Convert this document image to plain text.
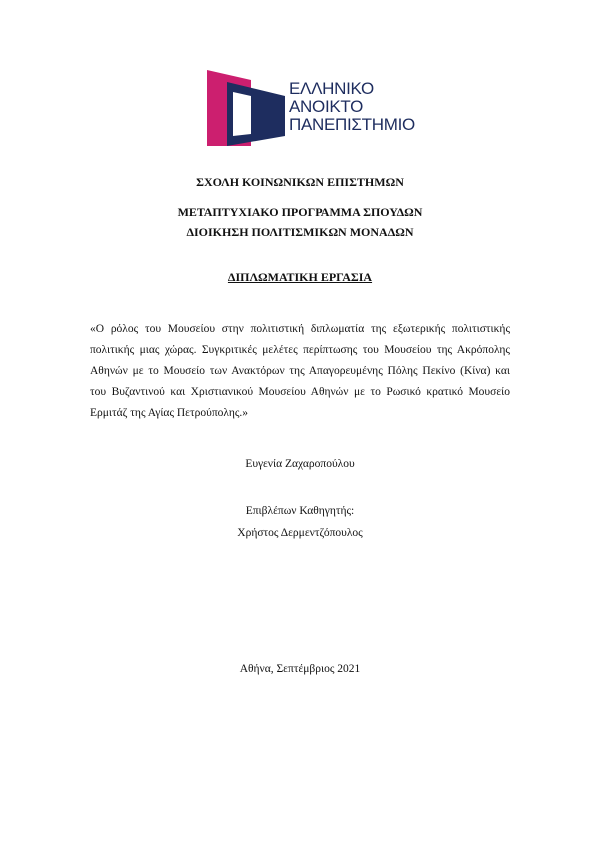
ΕΛΛΗΝΙΚΟ
ΑΝΟΙΚΤΟ
ΠΑΝΕΠΙΣΤΗΜΙΟ
ΣΧΟΛΗ ΚΟΙΝΩΝΙΚΩΝ ΕΠΙΣΤΗΜΩΝ
ΜΕΤΑΠΤΥΧΙΑΚΟ ΠΡΟΓΡΑΜΜΑ ΣΠΟΥΔΩΝ
ΔΙΟΙΚΗΣΗ ΠΟΛΙΤΙΣΜΙΚΩΝ ΜΟΝΑΔΩΝ
ΔΙΠΛΩΜΑΤΙΚΗ ΕΡΓΑΣΙΑ
«Ο ρόλος του Μουσείου στην πολιτιστική διπλωματία της εξωτερικής πολιτιστικής
πολιτικής μιας χώρας. Συγκριτικές μελέτες περίπτωσης του Μουσείου της Ακρόπολης
Αθηνών με το Μουσείο των Ανακτόρων της Απαγορευμένης Πόλης Πεκίνο (Κίνα) και
του Βυζαντινού και Χριστιανικού Μουσείου Αθηνών με το Ρωσικό κρατικό Μουσείο
Ερμιτάζ της Αγίας Πετρούπολης.»
Ευγενία Ζαχαροπούλου
Επιβλέπων Καθηγητής:
Χρήστος Δερμεντζόπουλος
Αθήνα, Σεπτέμβριος 2021
